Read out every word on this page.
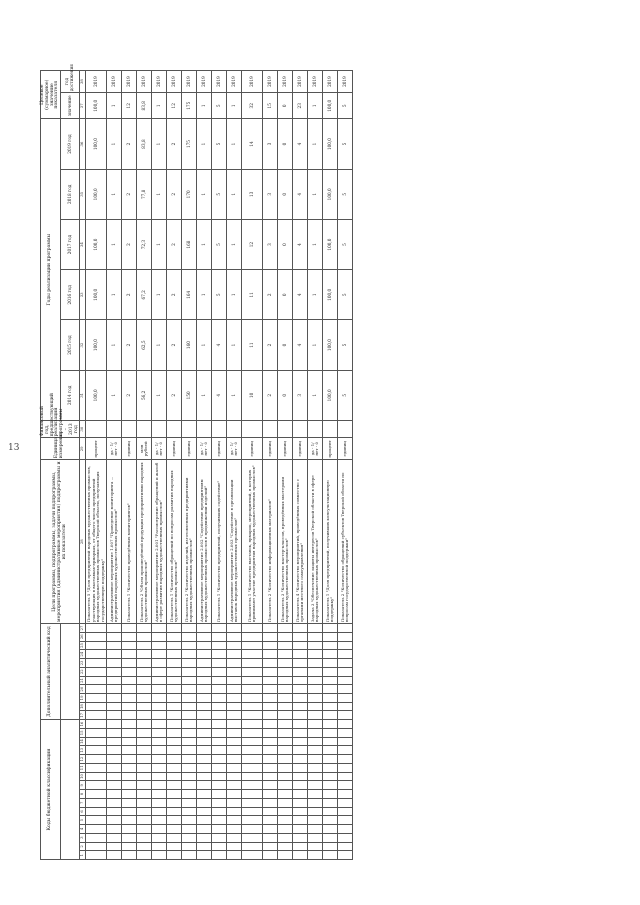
13
Коды бюджетной классификации																Дополнительный аналитический код											Цели программы, подпрограммы, задачи подпрограммы, мероприятия (административные мероприятия) подпрограммы и их показатели	Единица измерения	Финансовый год, предшествующий реализации программы – 2013 год	Годы реализации программы						Целевое (суммарное) значение показателя	
																														2014 год	2015 год	2016 год	2017 год	2018 год	2019 год	значение	год достижения
1	2	3	4	5	6	7	8	9	10	11	12	13	14	15	16	17	18	19	20	21	22	23	24	25	26	27	28	29	30	31	32	33	34	35	36	37	38
																											Показатель 5 "Доля предприятий народных художественных промыслов, участвующих в выставках-ярмарках, от общего числа предприятий народных художественных промыслов Тверской области, получающих государственную поддержку"	процент		100,0	100,0	100,0	100,0	100,0	100,0	100,0	2019
																											Административное мероприятие 1.007 "Проведение мониторинга ... предприятий народных художественных промыслов"	да - 1/ нет - 0		1	1	1	1	1	1	1	2019
																											Показатель 1 "Количество проведённых мониторингов"	единиц		2	2	2	2	2	2	12	2019
																											Показатель 2 "Объем произведённой продукции предприятиями народных художественных промыслов"	млн рублей		56,2	62,5	67,2	72,3	77,8	83,8	83,8	2019
																											Административное мероприятие 2.001 "Рассмотрение обращений и жалоб в сфере развития народных художественных промыслов"	да - 1/ нет - 0		1	1	1	1	1	1	1	2019
																											Показатель 1 "Количество обращений по вопросам развития народных художественных промыслов"	единиц		2	2	2	2	2	2	12	2019
																											Показатель 2 "Количество изделий, изготовленных предприятиями народных художественных промыслов"	единиц		150	160	164	168	170	175	175	2019
																											Административное мероприятие 2.002 "Содействие предприятиям народных художественных промыслов в продвижении изделий"	да - 1/ нет - 0		1	1	1	1	1	1	1	2019
																											Показатель 1 "Количество предприятий, получивших содействие"	единиц		4	4	5	5	5	5	5	2019
																											Административное мероприятие 2.003 "Содействие в организации выставок народных художественных промыслов"	да - 1/ нет - 0		1	1	1	1	1	1	1	2019
																											Показатель 1 "Количество выставок, ярмарок, мероприятий, в которых принимают участие предприятия народных художественных промыслов"	единиц		10	11	11	12	13	14	32	2019
																											Показатель 2 "Количество информационных материалов"	единиц		2	2	2	3	3	3	15	2019
																											Показатель 3 "Количество мастер-классов, проведённых мастерами народных художественных промыслов"	единиц		0	0	0	0	0	0	0	2019
																											Показатель 4 "Количество мероприятий, проведённых совместно с органами местного самоуправления"	единиц		3	4	4	4	4	4	23	2019
																											Задача 3 "Обеспечение защиты интересов Тверской области в сфере народных художественных промыслов"	да - 1/ нет - 0		1	1	1	1	1	1	1	2019
																											Показатель 1 "Доля предприятий, получивших консультационную поддержку"	процент		100,0	100,0	100,0	100,0	100,0	100,0	100,0	2019
																											Показатель 2 "Количество обращений субъектов Тверской области по вопросам государственной поддержки"	единиц		5	5	5	5	5	5	5	2019
